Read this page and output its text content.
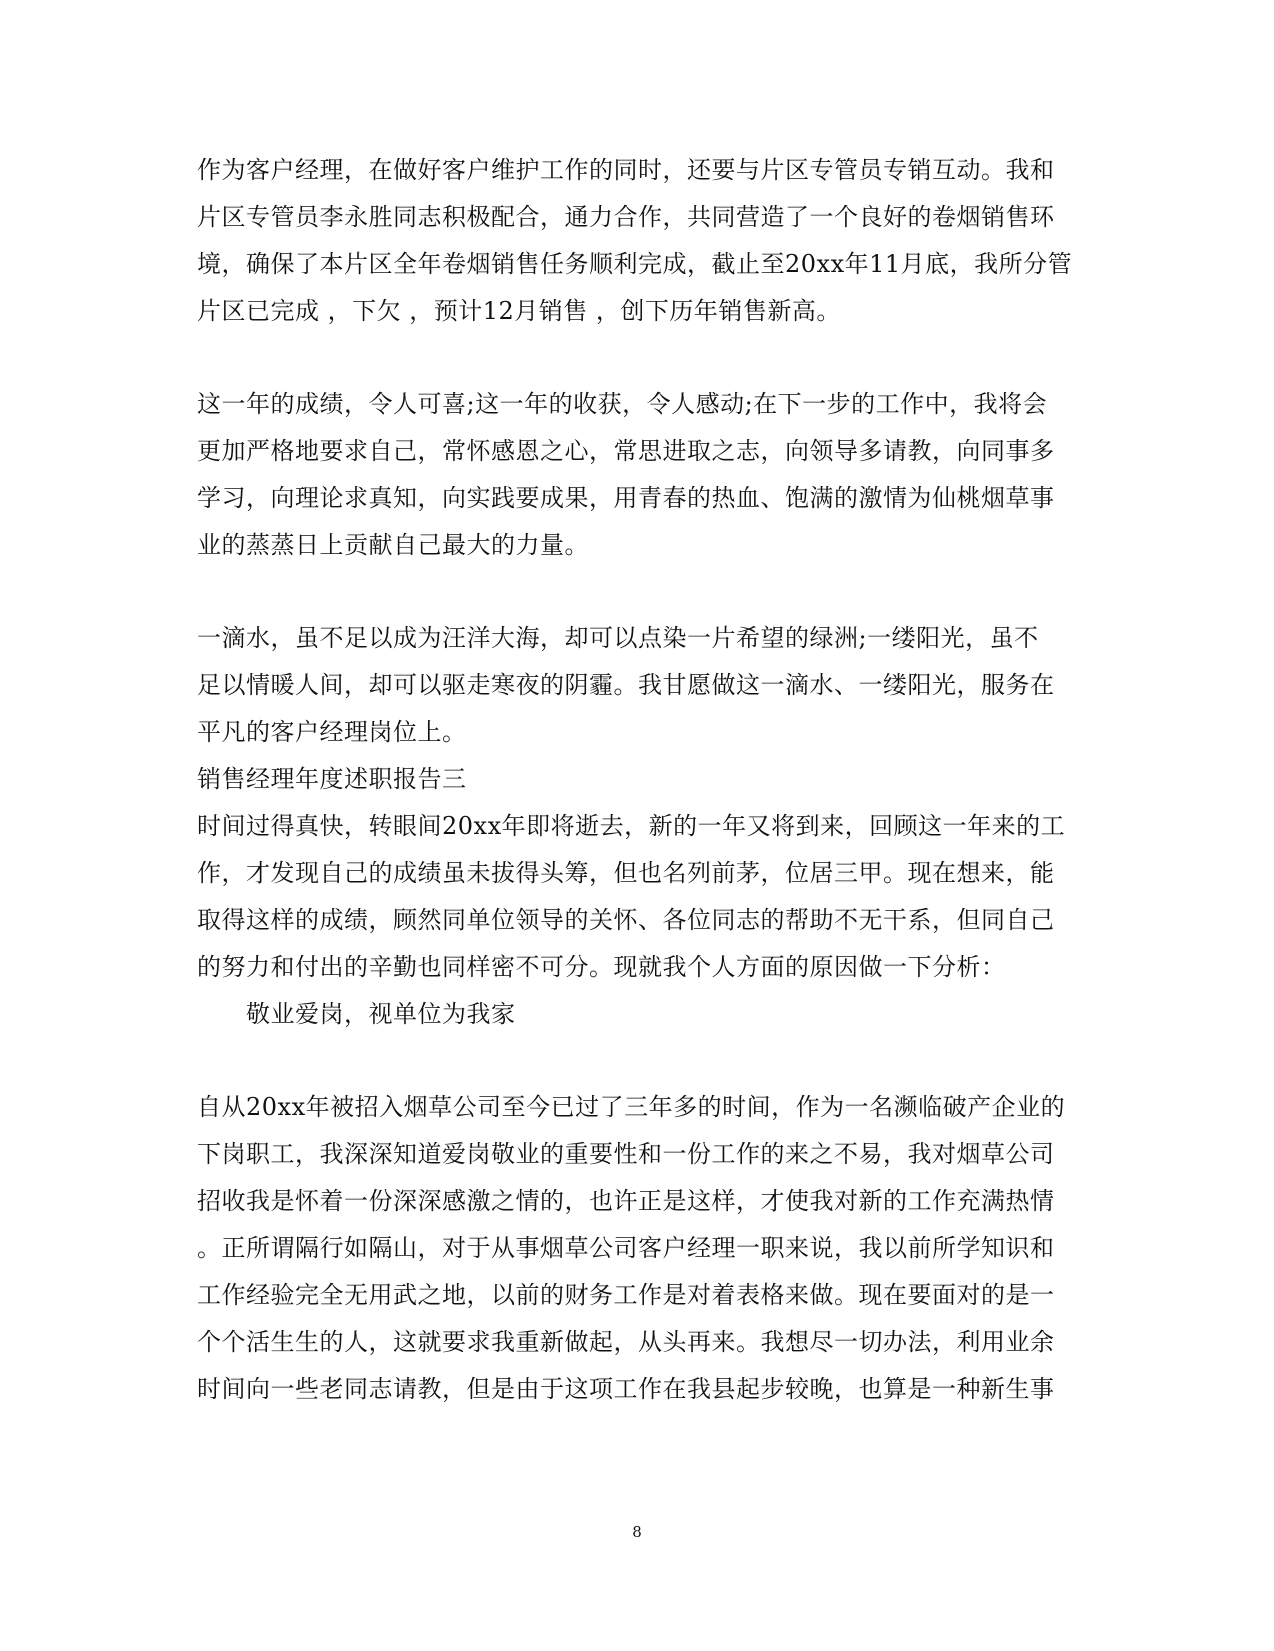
作为客户经理，在做好客户维护工作的同时，还要与片区专管员专销互动。我和
片区专管员李永胜同志积极配合，通力合作，共同营造了一个良好的卷烟销售环
境，确保了本片区全年卷烟销售任务顺利完成，截止至20xx年11月底，我所分管
片区已完成 ，下欠 ，预计12月销售 ，创下历年销售新高。
这一年的成绩，令人可喜;这一年的收获，令人感动;在下一步的工作中，我将会
更加严格地要求自己，常怀感恩之心，常思进取之志，向领导多请教，向同事多
学习，向理论求真知，向实践要成果，用青春的热血、饱满的激情为仙桃烟草事
业的蒸蒸日上贡献自己最大的力量。
一滴水，虽不足以成为汪洋大海，却可以点染一片希望的绿洲;一缕阳光，虽不
足以情暖人间，却可以驱走寒夜的阴霾。我甘愿做这一滴水、一缕阳光，服务在
平凡的客户经理岗位上。
销售经理年度述职报告三
时间过得真快，转眼间20xx年即将逝去，新的一年又将到来，回顾这一年来的工
作，才发现自己的成绩虽未拔得头筹，但也名列前茅，位居三甲。现在想来，能
取得这样的成绩，顾然同单位领导的关怀、各位同志的帮助不无干系，但同自己
的努力和付出的辛勤也同样密不可分。现就我个人方面的原因做一下分析：
敬业爱岗，视单位为我家
自从20xx年被招入烟草公司至今已过了三年多的时间，作为一名濒临破产企业的
下岗职工，我深深知道爱岗敬业的重要性和一份工作的来之不易，我对烟草公司
招收我是怀着一份深深感激之情的，也许正是这样，才使我对新的工作充满热情
。正所谓隔行如隔山，对于从事烟草公司客户经理一职来说，我以前所学知识和
工作经验完全无用武之地，以前的财务工作是对着表格来做。现在要面对的是一
个个活生生的人，这就要求我重新做起，从头再来。我想尽一切办法，利用业余
时间向一些老同志请教，但是由于这项工作在我县起步较晚，也算是一种新生事
8
